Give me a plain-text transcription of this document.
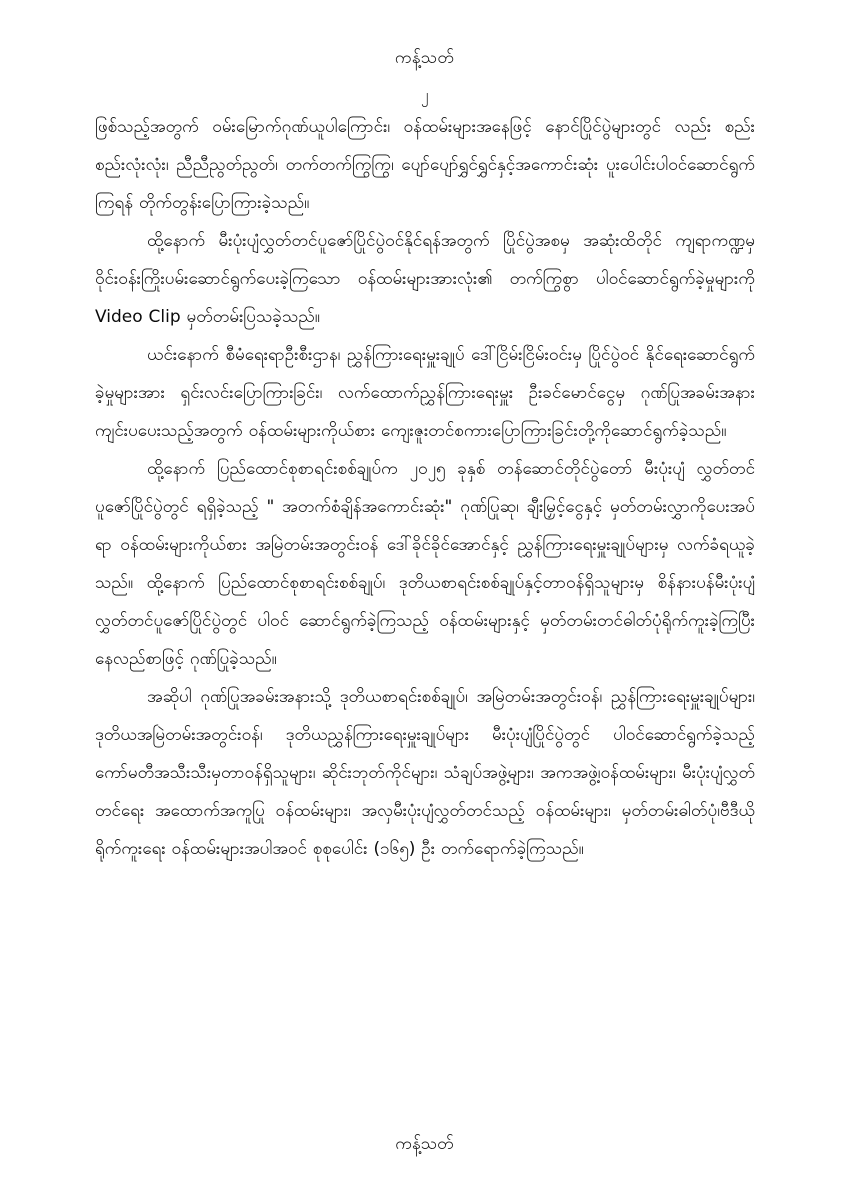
ကန့်သတ်
၂

ဖြစ်သည့်အတွက် ဝမ်းမြောက်ဂုဏ်ယူပါကြောင်း၊ ဝန်ထမ်းများအနေဖြင့် နောင်ပြိုင်ပွဲများတွင် လည်း စည်းစည်းလုံးလုံး၊ ညီညီညွတ်ညွတ်၊ တက်တက်ကြွကြွ၊ ပျော်ပျော်ရွှင်ရွှင်နှင့်အကောင်းဆုံး ပူးပေါင်းပါဝင်ဆောင်ရွက်ကြရန် တိုက်တွန်းပြောကြားခဲ့သည်။

ထို့နောက် မီးပုံးပျံလွှတ်တင်ပူဇော်ပြိုင်ပွဲဝင်နိုင်ရန်အတွက် ပြိုင်ပွဲအစမှ အဆုံးထိတိုင် ကျရာကဏ္ဍမှ ဝိုင်းဝန်းကြိုးပမ်းဆောင်ရွက်ပေးခဲ့ကြသော ဝန်ထမ်းများအားလုံး၏ တက်ကြွစွာ ပါဝင်ဆောင်ရွက်ခဲ့မှုများကို Video Clip မှတ်တမ်းပြသခဲ့သည်။

ယင်းနောက် စီမံရေးရာဦးစီးဌာန၊ ညွှန်ကြားရေးမှူးချုပ် ဒေါ်ငြိမ်းငြိမ်းဝင်းမှ ပြိုင်ပွဲဝင် နိုင်ရေးဆောင်ရွက်ခဲ့မှုများအား ရှင်းလင်းပြောကြားခြင်း၊ လက်ထောက်ညွှန်ကြားရေးမှူး ဦးခင်မောင်ငွေမှ ဂုဏ်ပြုအခမ်းအနား ကျင်းပပေးသည့်အတွက် ဝန်ထမ်းများကိုယ်စား ကျေးဇူးတင်စကားပြောကြားခြင်းတို့ကိုဆောင်ရွက်ခဲ့သည်။

ထို့နောက် ပြည်ထောင်စုစာရင်းစစ်ချုပ်က ၂၀၂၅ ခုနှစ် တန်ဆောင်တိုင်ပွဲတော် မီးပုံးပျံ လွှတ်တင်ပူဇော်ပြိုင်ပွဲတွင် ရရှိခဲ့သည့် " အတက်စံချိန်အကောင်းဆုံး" ဂုဏ်ပြုဆု၊ ချီးမြှင့်ငွေနှင့် မှတ်တမ်းလွှာကိုပေးအပ်ရာ ဝန်ထမ်းများကိုယ်စား အမြဲတမ်းအတွင်းဝန် ဒေါ်ခိုင်ခိုင်အောင်နှင့် ညွှန်ကြားရေးမှူးချုပ်များမှ လက်ခံရယူခဲ့သည်။ ထို့နောက် ပြည်ထောင်စုစာရင်းစစ်ချုပ်၊ ဒုတိယစာရင်းစစ်ချုပ်နှင့်တာဝန်ရှိသူများမှ စိန်နားပန်မီးပုံးပျံလွှတ်တင်ပူဇော်ပြိုင်ပွဲတွင် ပါဝင် ဆောင်ရွက်ခဲ့ကြသည့် ဝန်ထမ်းများနှင့် မှတ်တမ်းတင်ဓါတ်ပုံရိုက်ကူးခဲ့ကြပြီး နေလည်စာဖြင့် ဂုဏ်ပြုခဲ့သည်။

အဆိုပါ ဂုဏ်ပြုအခမ်းအနားသို့ ဒုတိယစာရင်းစစ်ချုပ်၊ အမြဲတမ်းအတွင်းဝန်၊ ညွှန်ကြားရေးမှူးချုပ်များ၊ ဒုတိယအမြဲတမ်းအတွင်းဝန်၊ ဒုတိယညွှန်ကြားရေးမှူးချုပ်များ မီးပုံးပျံပြိုင်ပွဲတွင် ပါဝင်ဆောင်ရွက်ခဲ့သည့် ကော်မတီအသီးသီးမှတာဝန်ရှိသူများ၊ ဆိုင်းဘုတ်ကိုင်များ၊ သံချပ်အဖွဲ့များ၊ အကအဖွဲ့၊ဝန်ထမ်းများ၊ မီးပုံးပျံလွှတ်တင်ရေး အထောက်အကူပြု ဝန်ထမ်းများ၊ အလှမီးပုံးပျံလွှတ်တင်သည့် ဝန်ထမ်းများ၊ မှတ်တမ်းဓါတ်ပုံ၊ဗီဒီယို ရိုက်ကူးရေး ဝန်ထမ်းများအပါအဝင် စုစုပေါင်း (၁၆၅) ဦး တက်ရောက်ခဲ့ကြသည်။

ကန့်သတ်
